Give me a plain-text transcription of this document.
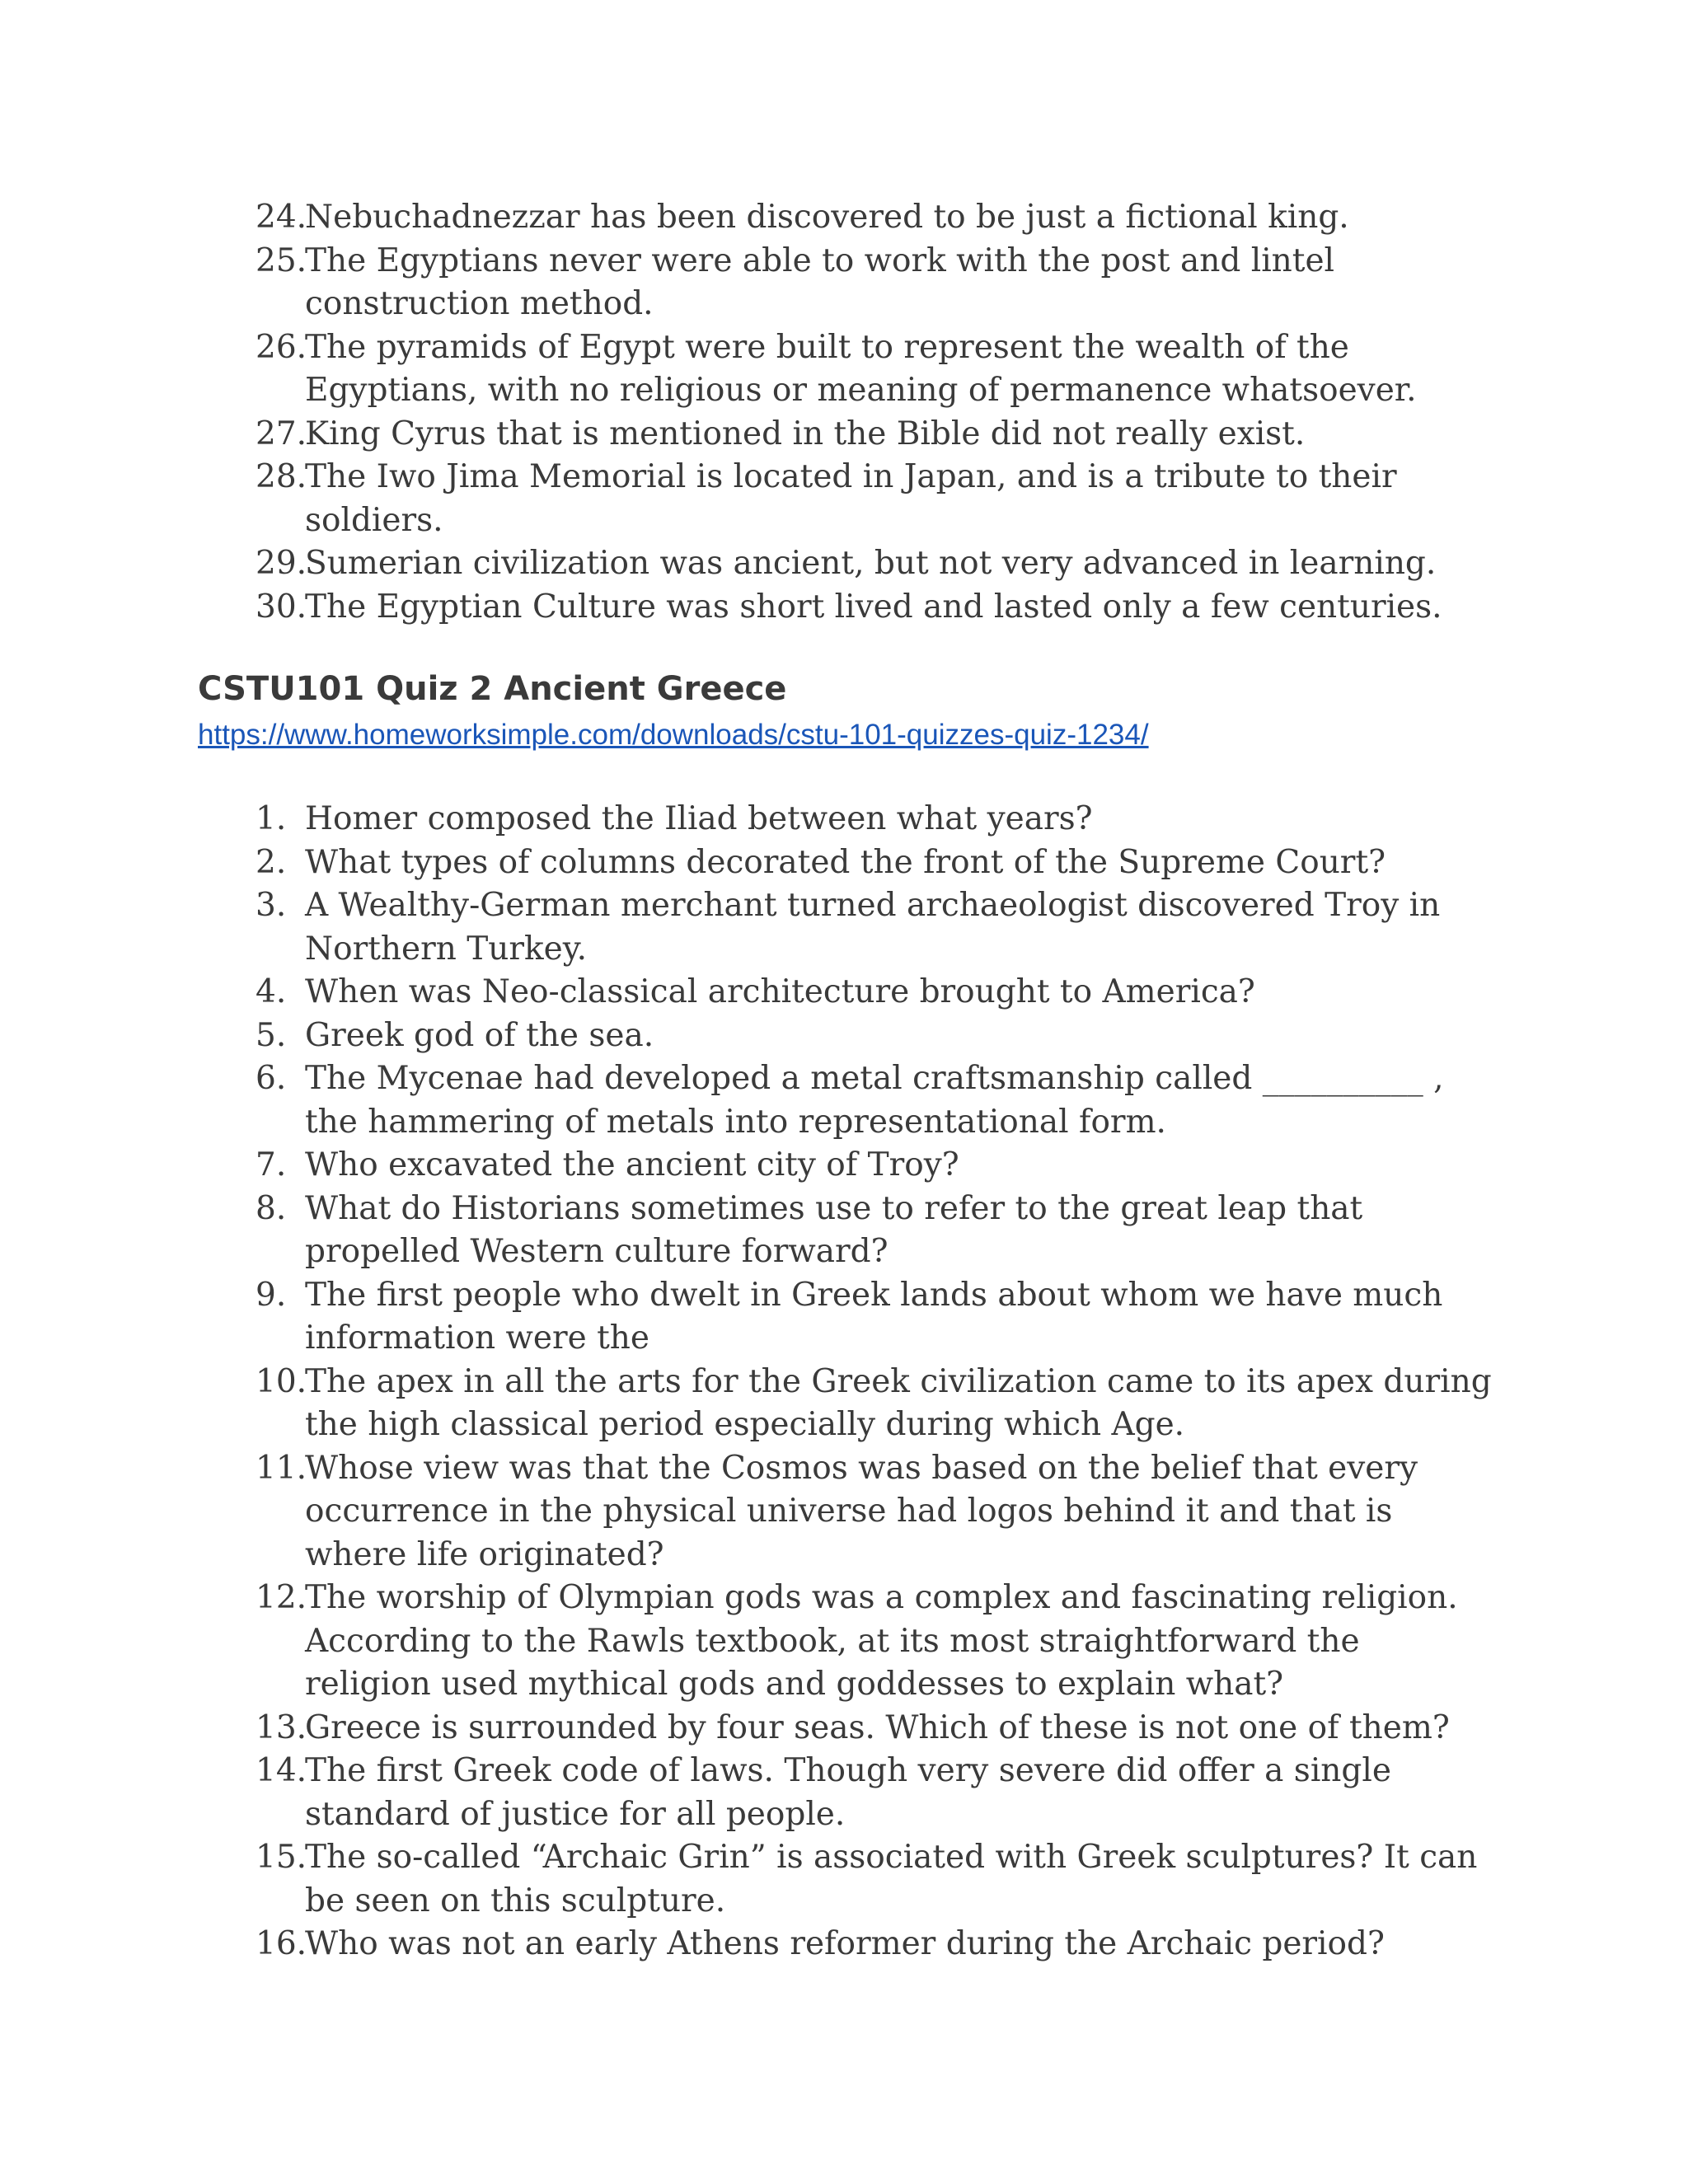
24.
Nebuchadnezzar has been discovered to be just a fictional king.
25.
The Egyptians never were able to work with the post and lintel construction method.
26.
The pyramids of Egypt were built to represent the wealth of the Egyptians, with no religious or meaning of permanence whatsoever.
27.
King Cyrus that is mentioned in the Bible did not really exist.
28.
The Iwo Jima Memorial is located in Japan, and is a tribute to their soldiers.
29.
Sumerian civilization was ancient, but not very advanced in learning.
30.
The Egyptian Culture was short lived and lasted only a few centuries.
CSTU101 Quiz 2 Ancient Greece
https://www.homeworksimple.com/downloads/cstu-101-quizzes-quiz-1234/
1. Homer composed the Iliad between what years?
2. What types of columns decorated the front of the Supreme Court?
3. A Wealthy-German merchant turned archaeologist discovered Troy in Northern Turkey.
4. When was Neo-classical architecture brought to America?
5. Greek god of the sea.
6. The Mycenae had developed a metal craftsmanship called __________ , the hammering of metals into representational form.
7. Who excavated the ancient city of Troy?
8. What do Historians sometimes use to refer to the great leap that propelled Western culture forward?
9. The first people who dwelt in Greek lands about whom we have much information were the
10.
The apex in all the arts for the Greek civilization came to its apex during the high classical period especially during which Age.
11.
Whose view was that the Cosmos was based on the belief that every occurrence in the physical universe had logos behind it and that is where life originated?
12.
The worship of Olympian gods was a complex and fascinating religion. According to the Rawls textbook, at its most straightforward the religion used mythical gods and goddesses to explain what?
13.
Greece is surrounded by four seas. Which of these is not one of them?
14.
The first Greek code of laws. Though very severe did offer a single standard of justice for all people.
15.
The so-called “Archaic Grin” is associated with Greek sculptures? It can be seen on this sculpture.
16.
Who was not an early Athens reformer during the Archaic period?
